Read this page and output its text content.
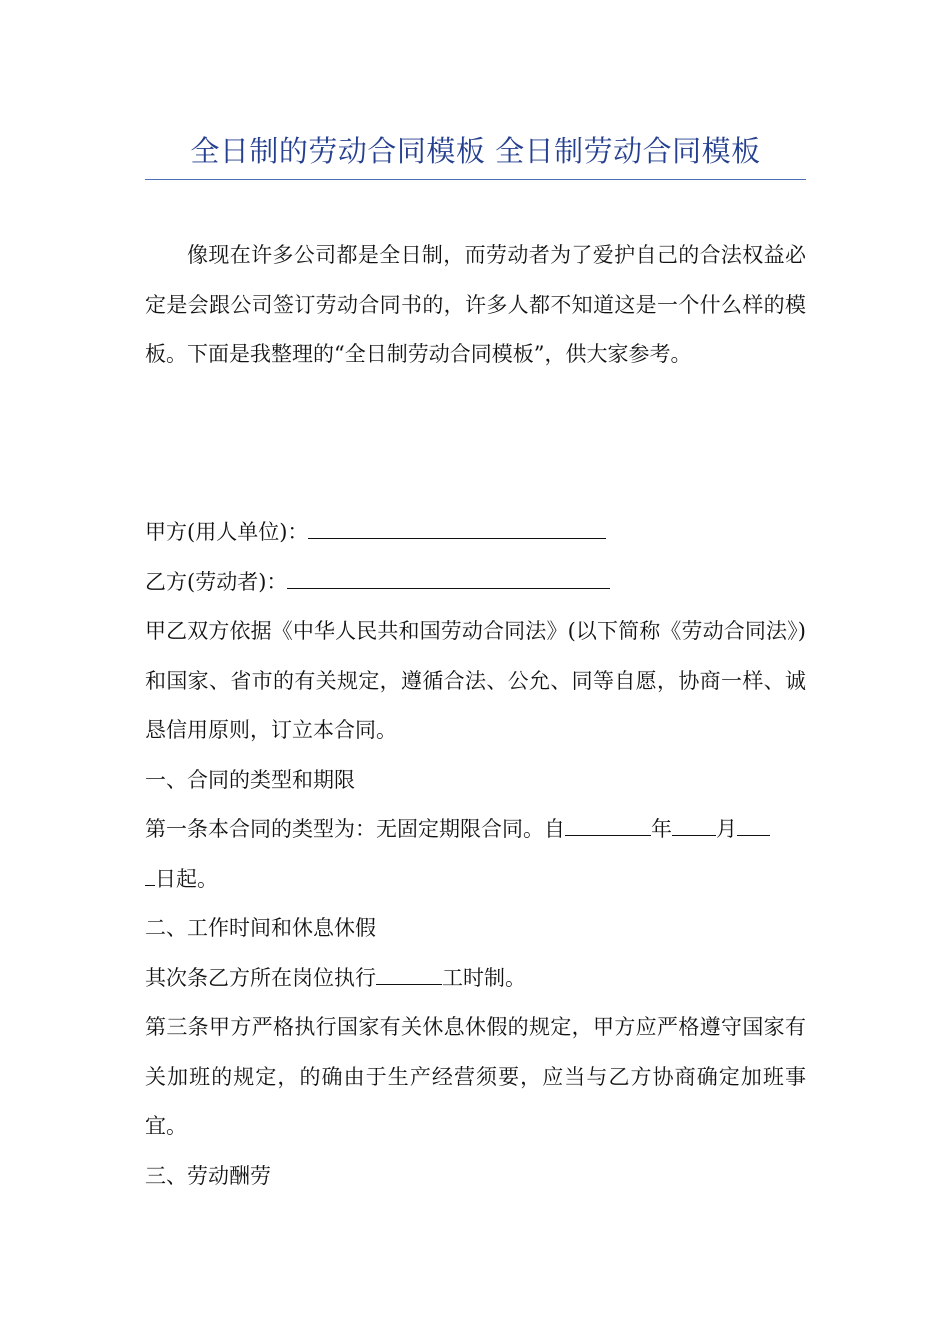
全日制的劳动合同模板 全日制劳动合同模板

像现在许多公司都是全日制，而劳动者为了爱护自己的合法权益必定是会跟公司签订劳动合同书的，许多人都不知道这是一个什么样的模板。下面是我整理的“全日制劳动合同模板”，供大家参考。

甲方(用人单位)：

乙方(劳动者)：

甲乙双方依据《中华人民共和国劳动合同法》(以下简称《劳动合同法》)和国家、省市的有关规定，遵循合法、公允、同等自愿，协商一样、诚恳信用原则，订立本合同。

一、合同的类型和期限

第一条本合同的类型为：无固定期限合同。自	年 月
日起。

二、工作时间和休息休假

其次条乙方所在岗位执行	工时制。

第三条甲方严格执行国家有关休息休假的规定，甲方应严格遵守国家有关加班的规定，的确由于生产经营须要，应当与乙方协商确定加班事宜。

三、劳动酬劳
